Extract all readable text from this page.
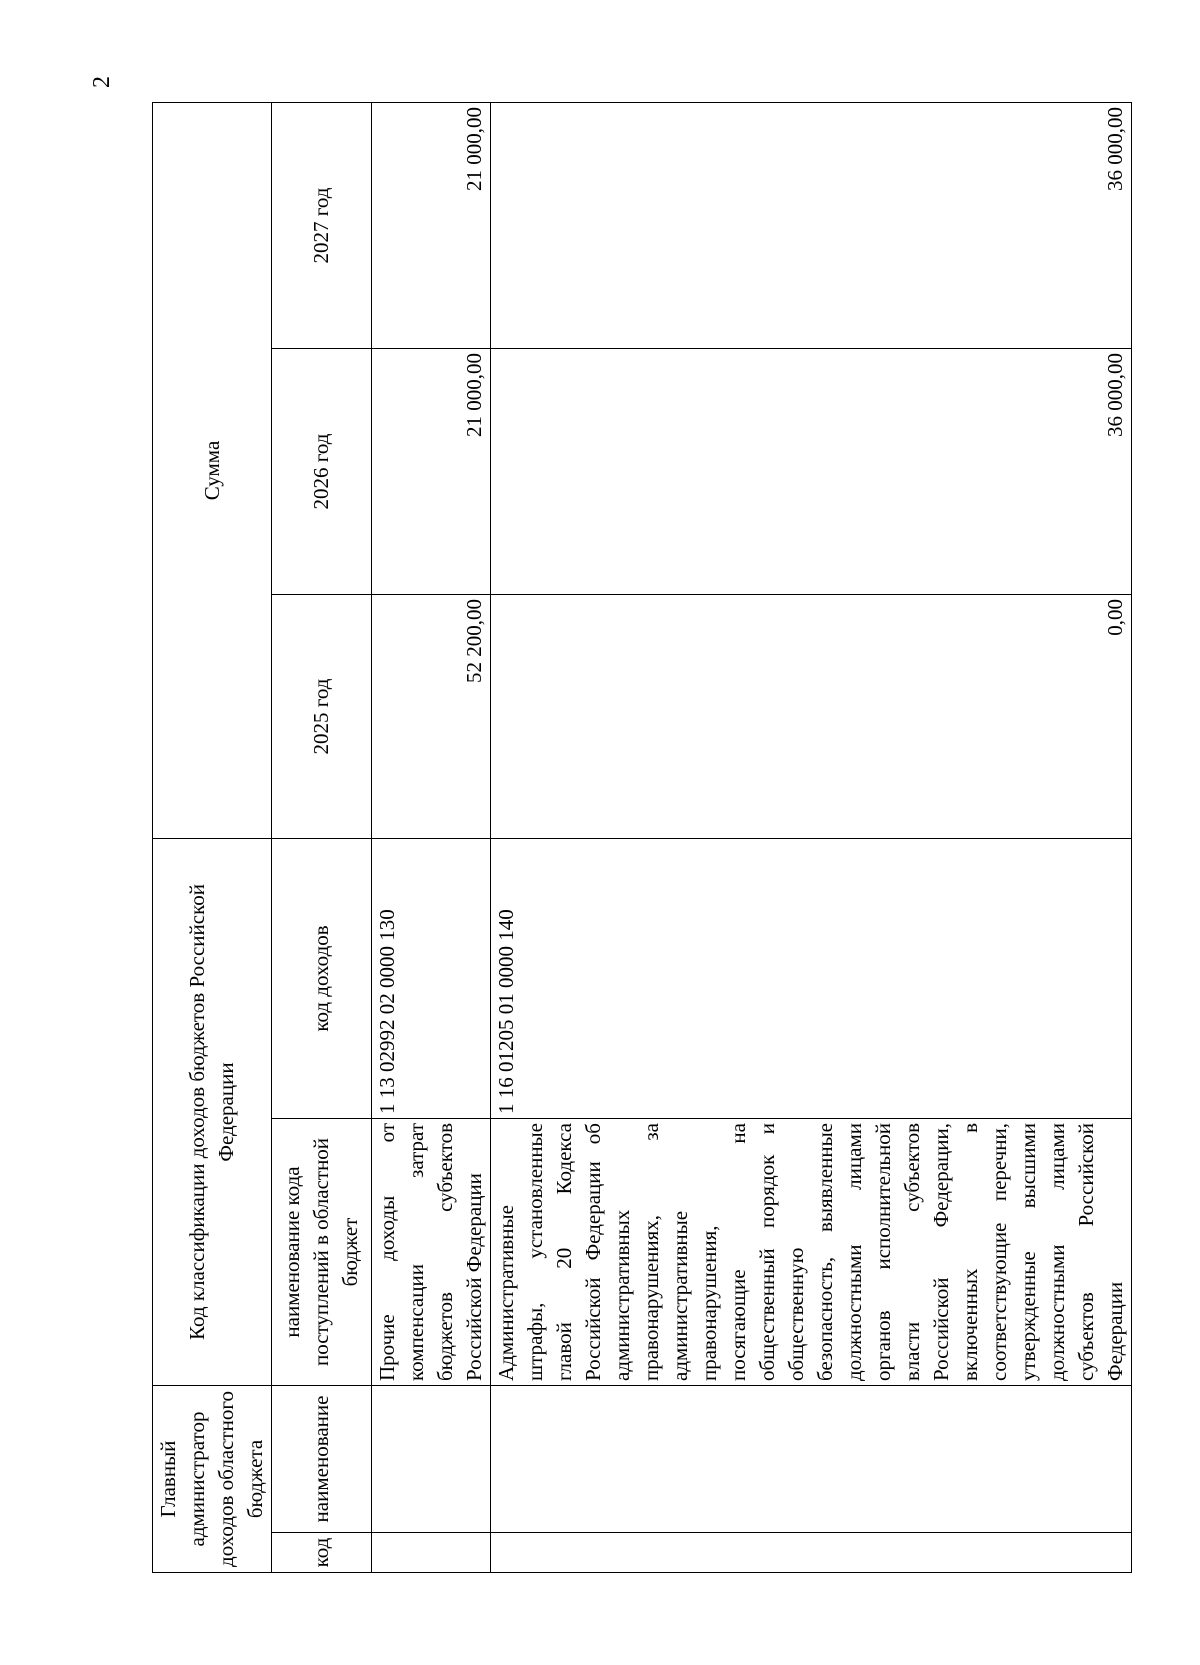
2
Главный администратор доходов областного бюджета		Код классификации доходов бюджетов Российской Федерации		Сумма		
код	наименование	наименование кода поступлений в областной бюджет	код доходов	2025 год	2026 год	2027 год
		Прочие доходы от компенсации затрат бюджетов субъектов Российской Федерации	1 13 02992 02 0000 130	52 200,00	21 000,00	21 000,00
		Административные штрафы, установленные главой 20 Кодекса Российской Федерации об административных правонарушениях, за административные правонарушения, посягающие на общественный порядок и общественную безопасность, выявленные должностными лицами органов исполнительной власти субъектов Российской Федерации, включенных в соответствующие перечни, утвержденные высшими должностными лицами субъектов Российской Федерации	1 16 01205 01 0000 140	0,00	36 000,00	36 000,00
